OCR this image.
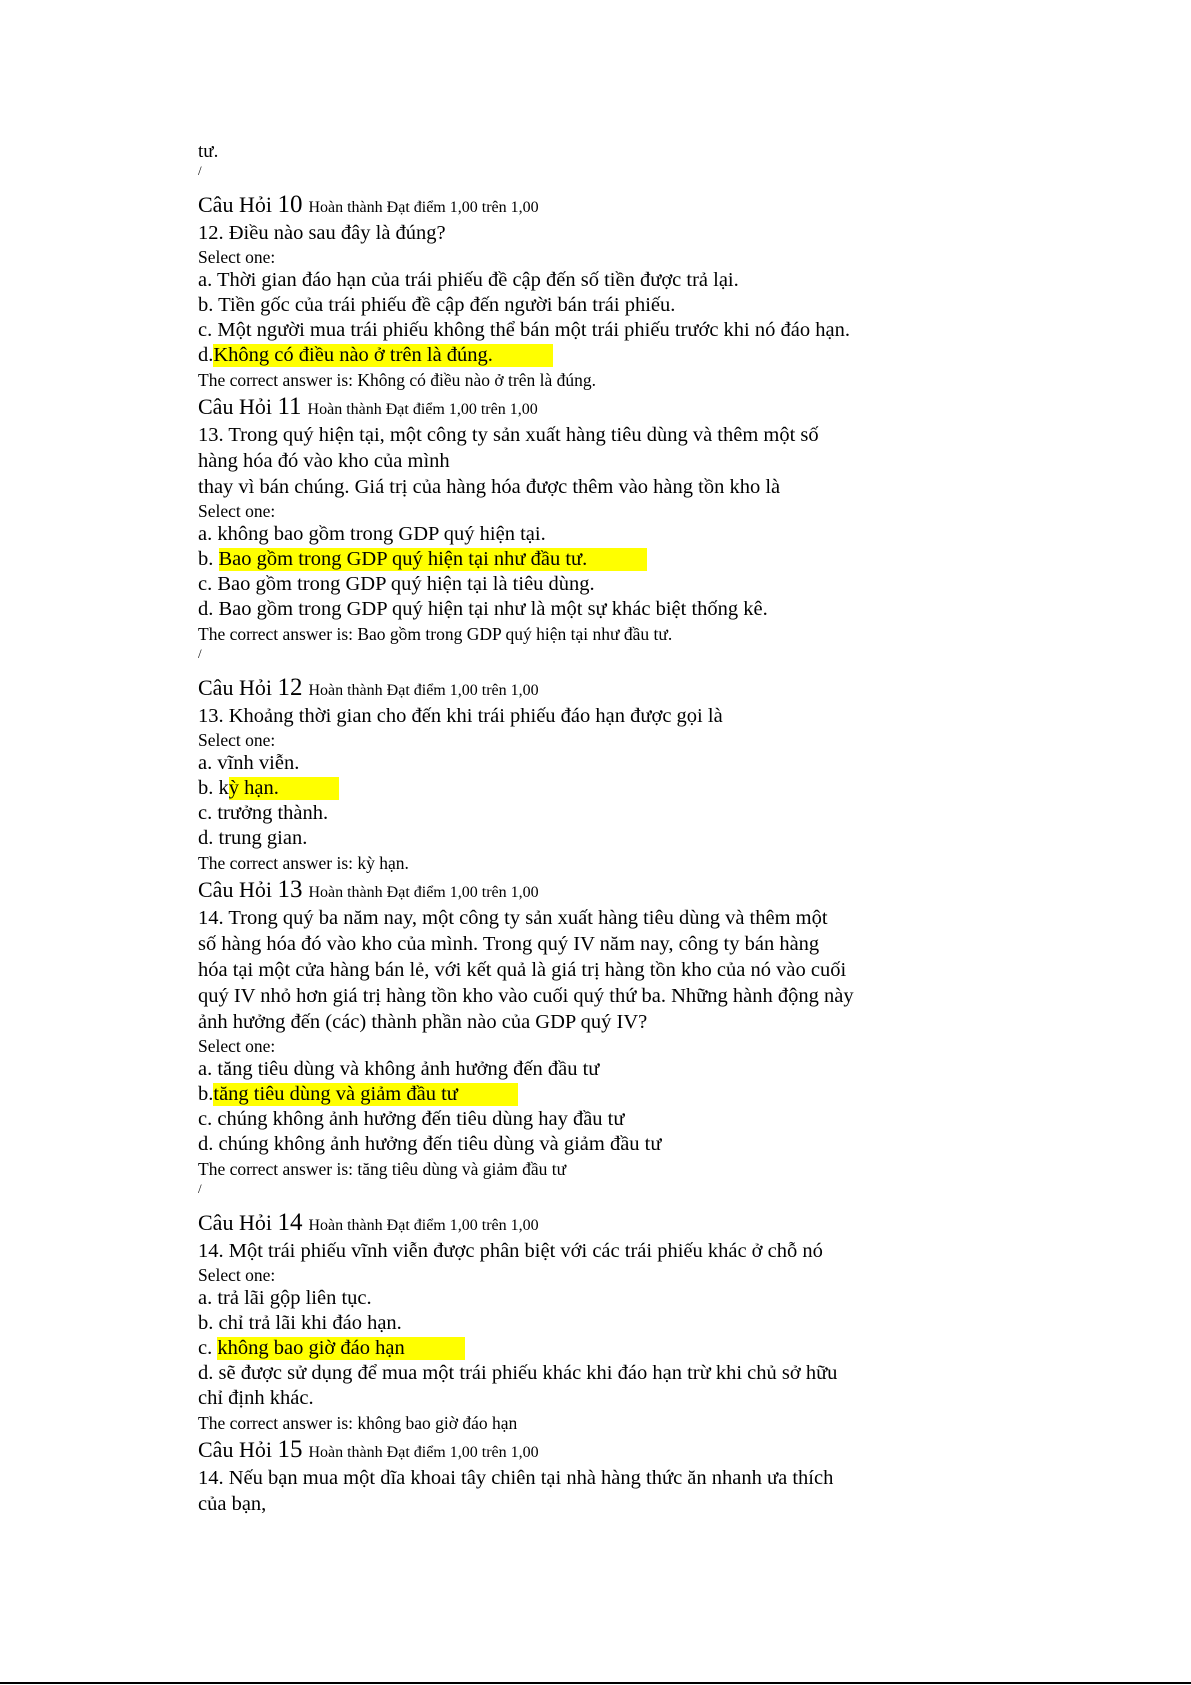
tư.
/
Câu Hỏi 10 Hoàn thành Đạt điểm 1,00 trên 1,00
12. Điều nào sau đây là đúng?
Select one:
a. Thời gian đáo hạn của trái phiếu đề cập đến số tiền được trả lại.
b. Tiền gốc của trái phiếu đề cập đến người bán trái phiếu.
c. Một người mua trái phiếu không thể bán một trái phiếu trước khi nó đáo hạn.
d.Không có điều nào ở trên là đúng.
The correct answer is: Không có điều nào ở trên là đúng.
Câu Hỏi 11 Hoàn thành Đạt điểm 1,00 trên 1,00
13. Trong quý hiện tại, một công ty sản xuất hàng tiêu dùng và thêm một số
hàng hóa đó vào kho của mình
thay vì bán chúng. Giá trị của hàng hóa được thêm vào hàng tồn kho là
Select one:
a. không bao gồm trong GDP quý hiện tại.
b. Bao gồm trong GDP quý hiện tại như đầu tư.
c. Bao gồm trong GDP quý hiện tại là tiêu dùng.
d. Bao gồm trong GDP quý hiện tại như là một sự khác biệt thống kê.
The correct answer is: Bao gồm trong GDP quý hiện tại như đầu tư.
/
Câu Hỏi 12 Hoàn thành Đạt điểm 1,00 trên 1,00
13. Khoảng thời gian cho đến khi trái phiếu đáo hạn được gọi là
Select one:
a. vĩnh viễn.
b. kỳ hạn.
c. trưởng thành.
d. trung gian.
The correct answer is: kỳ hạn.
Câu Hỏi 13 Hoàn thành Đạt điểm 1,00 trên 1,00
14. Trong quý ba năm nay, một công ty sản xuất hàng tiêu dùng và thêm một
số hàng hóa đó vào kho của mình. Trong quý IV năm nay, công ty bán hàng
hóa tại một cửa hàng bán lẻ, với kết quả là giá trị hàng tồn kho của nó vào cuối
quý IV nhỏ hơn giá trị hàng tồn kho vào cuối quý thứ ba. Những hành động này
ảnh hưởng đến (các) thành phần nào của GDP quý IV?
Select one:
a. tăng tiêu dùng và không ảnh hưởng đến đầu tư
b.tăng tiêu dùng và giảm đầu tư
c. chúng không ảnh hưởng đến tiêu dùng hay đầu tư
d. chúng không ảnh hưởng đến tiêu dùng và giảm đầu tư
The correct answer is: tăng tiêu dùng và giảm đầu tư
/
Câu Hỏi 14 Hoàn thành Đạt điểm 1,00 trên 1,00
14. Một trái phiếu vĩnh viễn được phân biệt với các trái phiếu khác ở chỗ nó
Select one:
a. trả lãi gộp liên tục.
b. chỉ trả lãi khi đáo hạn.
c. không bao giờ đáo hạn
d. sẽ được sử dụng để mua một trái phiếu khác khi đáo hạn trừ khi chủ sở hữu
chỉ định khác.
The correct answer is: không bao giờ đáo hạn
Câu Hỏi 15 Hoàn thành Đạt điểm 1,00 trên 1,00
14. Nếu bạn mua một dĩa khoai tây chiên tại nhà hàng thức ăn nhanh ưa thích
của bạn,
